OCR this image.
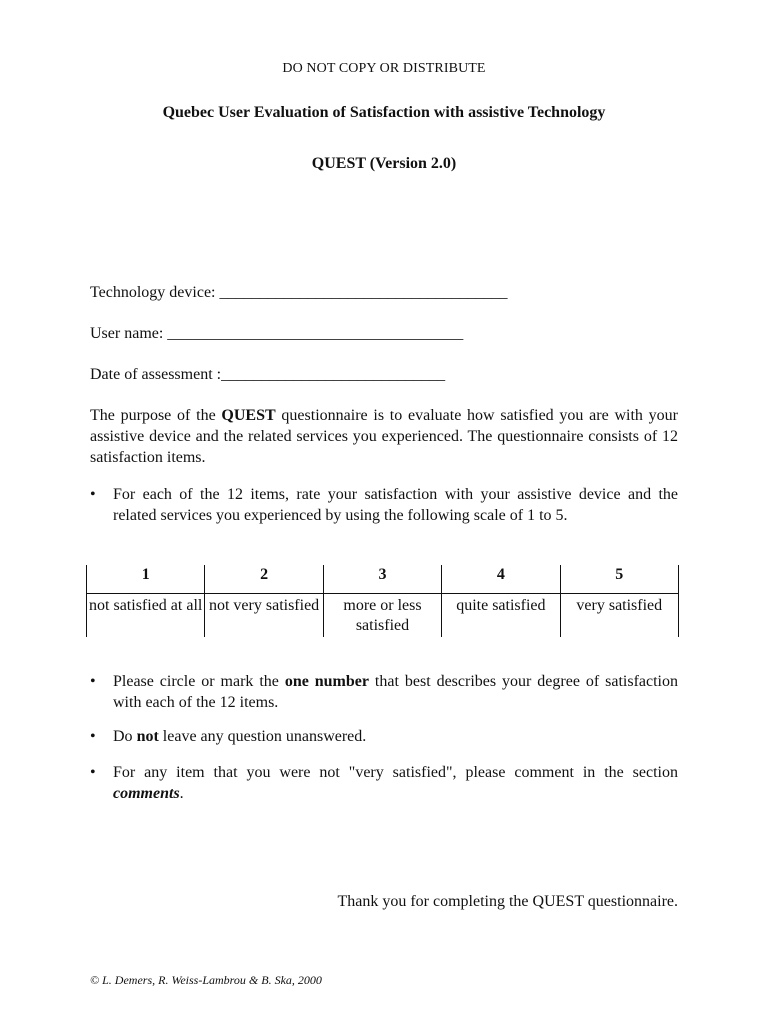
DO NOT COPY OR DISTRIBUTE
Quebec User Evaluation of Satisfaction with assistive Technology
QUEST (Version 2.0)
Technology device: ____________________________________
User name: _____________________________________
Date of assessment :____________________________
The purpose of the QUEST questionnaire is to evaluate how satisfied you are with your assistive device and the related services you experienced. The questionnaire consists of 12 satisfaction items.
• For each of the 12 items, rate your satisfaction with your assistive device and the related services you experienced by using the following scale of 1 to 5.
1	2	3	4	5
not satisfied at all	not very satisfied	more or less satisfied	quite satisfied	very satisfied
• Please circle or mark the one number that best describes your degree of satisfaction with each of the 12 items.
• Do not leave any question unanswered.
• For any item that you were not "very satisfied", please comment in the section comments.
Thank you for completing the QUEST questionnaire.
© L. Demers, R. Weiss-Lambrou & B. Ska, 2000
